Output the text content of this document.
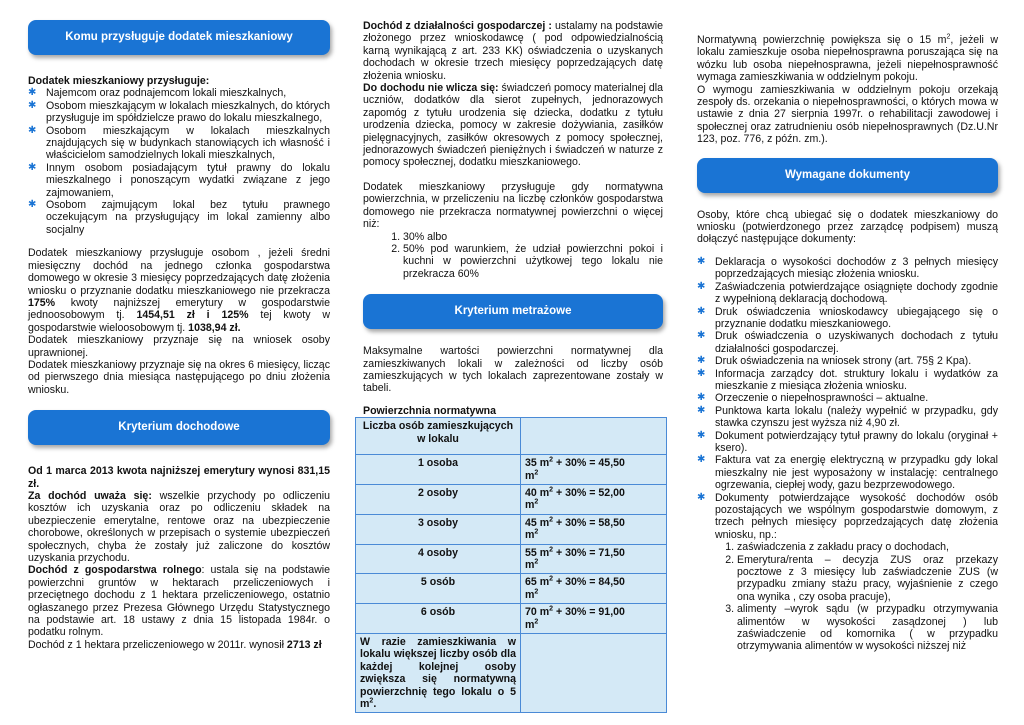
Komu przysługuje dodatek mieszkaniowy

Dodatek mieszkaniowy przysługuje:

✱ Najemcom oraz podnajemcom lokali mieszkalnych,
✱ Osobom mieszkającym w lokalach mieszkalnych, do których przysługuje im spółdzielcze prawo do lokalu mieszkalnego,
✱ Osobom mieszkającym w lokalach mieszkalnych znajdujących się w budynkach stanowiących ich własność i właścicielom samodzielnych lokali mieszkalnych,
✱ Innym osobom posiadającym tytuł prawny do lokalu mieszkalnego i ponoszącym wydatki związane z jego zajmowaniem,
✱ Osobom zajmującym lokal bez tytułu prawnego oczekującym na przysługujący im lokal zamienny albo socjalny

Dodatek mieszkaniowy przysługuje osobom , jeżeli średni miesięczny dochód na jednego członka gospodarstwa domowego w okresie 3 miesięcy poprzedzających datę złożenia wniosku o przyznanie dodatku mieszkaniowego nie przekracza 175% kwoty najniższej emerytury w gospodarstwie jednoosobowym tj. 1454,51 zł i 125% tej kwoty w gospodarstwie wieloosobowym tj. 1038,94 zł.

Dodatek mieszkaniowy przyznaje się na wniosek osoby uprawnionej.

Dodatek mieszkaniowy przyznaje się na okres 6 miesięcy, licząc od pierwszego dnia miesiąca następującego po dniu złożenia wniosku.

Kryterium dochodowe

Od 1 marca 2013 kwota najniższej emerytury wynosi 831,15 zł.

Za dochód uważa się: wszelkie przychody po odliczeniu kosztów ich uzyskania oraz po odliczeniu składek na ubezpieczenie emerytalne, rentowe oraz na ubezpieczenie chorobowe, określonych w przepisach o systemie ubezpieczeń społecznych, chyba że zostały już zaliczone do kosztów uzyskania przychodu.

Dochód z gospodarstwa rolnego: ustala się na podstawie powierzchni gruntów w hektarach przeliczeniowych i przeciętnego dochodu z 1 hektara przeliczeniowego, ostatnio ogłaszanego przez Prezesa Głównego Urzędu Statystycznego na podstawie art. 18 ustawy z dnia 15 listopada 1984r. o podatku rolnym.

Dochód z 1 hektara przeliczeniowego w 2011r. wynosił 2713 zł

Dochód z działalności gospodarczej : ustalamy na podstawie złożonego przez wnioskodawcę ( pod odpowiedzialnością karną wynikającą z art. 233 KK) oświadczenia o uzyskanych dochodach w okresie trzech miesięcy poprzedzających datę złożenia wniosku.

Do dochodu nie wlicza się: świadczeń pomocy materialnej dla uczniów, dodatków dla sierot zupełnych, jednorazowych zapomóg z tytułu urodzenia się dziecka, dodatku z tytułu urodzenia dziecka, pomocy w zakresie dożywiania, zasiłków pielęgnacyjnych, zasiłków okresowych z pomocy społecznej, jednorazowych świadczeń pieniężnych i świadczeń w naturze z pomocy społecznej, dodatku mieszkaniowego.

Dodatek mieszkaniowy przysługuje gdy normatywna powierzchnia, w przeliczeniu na liczbę członków gospodarstwa domowego nie przekracza normatywnej powierzchni o więcej niż:

1. 30% albo
2. 50% pod warunkiem, że udział powierzchni pokoi i kuchni w powierzchni użytkowej tego lokalu nie przekracza 60%
Kryterium metrażowe

Maksymalne wartości powierzchni normatywnej dla zamieszkiwanych lokali w zależności od liczby osób zamieszkujących w tych lokalach zaprezentowane zostały w tabeli.

Powierzchnia normatywna

Liczba osób zamieszkujących w lokalu	
1 osoba	35 $m^2 + 30\% = 45,50$
$m^2$
2 osoby	40 $m^2 + 30\% = 52,00$
$m^2$
3 osoby	45 $m^2 + 30\% = 58,50$
$m^2$
4 osoby	55 $m^2 + 30\% = 71,50$
$m^2$
5 osób	65 $m^2 + 30\% = 84,50$
$m^2$
6 osób	70 $m^2 + 30\% = 91,00$
$m^2$
W razie zamieszkiwania w lokalu większej liczby osób dla każdej kolejnej osoby zwiększa się normatywną powierzchnię tego lokalu o 5 $m^2$.	

Normatywną powierzchnię powiększa się o 15 $m^2$, jeżeli w lokalu zamieszkuje osoba niepełnosprawna poruszająca się na wózku lub osoba niepełnosprawna, jeżeli niepełnosprawność wymaga zamieszkiwania w oddzielnym pokoju.

O wymogu zamieszkiwania w oddzielnym pokoju orzekają zespoły ds. orzekania o niepełnosprawności, o których mowa w ustawie z dnia 27 sierpnia 1997r. o rehabilitacji zawodowej i społecznej oraz zatrudnieniu osób niepełnosprawnych (Dz.U.Nr 123, poz. 776, z późn. zm.).

Wymagane dokumenty

Osoby, które chcą ubiegać się o dodatek mieszkaniowy do wniosku (potwierdzonego przez zarządcę podpisem) muszą dołączyć następujące dokumenty:

✱ Deklaracja o wysokości dochodów z 3 pełnych miesięcy poprzedzających miesiąc złożenia wniosku.
✱ Zaświadczenia potwierdzające osiągnięte dochody zgodnie z wypełnioną deklaracją dochodową.
✱ Druk oświadczenia wnioskodawcy ubiegającego się o przyznanie dodatku mieszkaniowego.
✱ Druk oświadczenia o uzyskiwanych dochodach z tytułu działalności gospodarczej.
✱ Druk oświadczenia na wniosek strony (art. 75§ 2 Kpa).
✱ Informacja zarządcy dot. struktury lokalu i wydatków za mieszkanie z miesiąca złożenia wniosku.
✱ Orzeczenie o niepełnosprawności – aktualne.
✱ Punktowa karta lokalu (należy wypełnić w przypadku, gdy stawka czynszu jest wyższa niż 4,90 zł.
✱ Dokument potwierdzający tytuł prawny do lokalu (oryginał + ksero).
✱ Faktura vat za energię elektryczną w przypadku gdy lokal mieszkalny nie jest wyposażony w instalację: centralnego ogrzewania, ciepłej wody, gazu bezprzewodowego.
✱ Dokumenty potwierdzające wysokość dochodów osób pozostających we wspólnym gospodarstwie domowym, z trzech pełnych miesięcy poprzedzających datę złożenia wniosku, np.:
1. zaświadczenia z zakładu pracy o dochodach,
2. Emerytura/renta – decyzja ZUS oraz przekazy pocztowe z 3 miesięcy lub zaświadczenie ZUS (w przypadku zmiany stażu pracy, wyjaśnienie z czego ona wynika , czy osoba pracuje),
3. alimenty –wyrok sądu (w przypadku otrzymywania alimentów w wysokości zasądzonej ) lub zaświadczenie od komornika ( w przypadku otrzymywania alimentów w wysokości niższej niż
